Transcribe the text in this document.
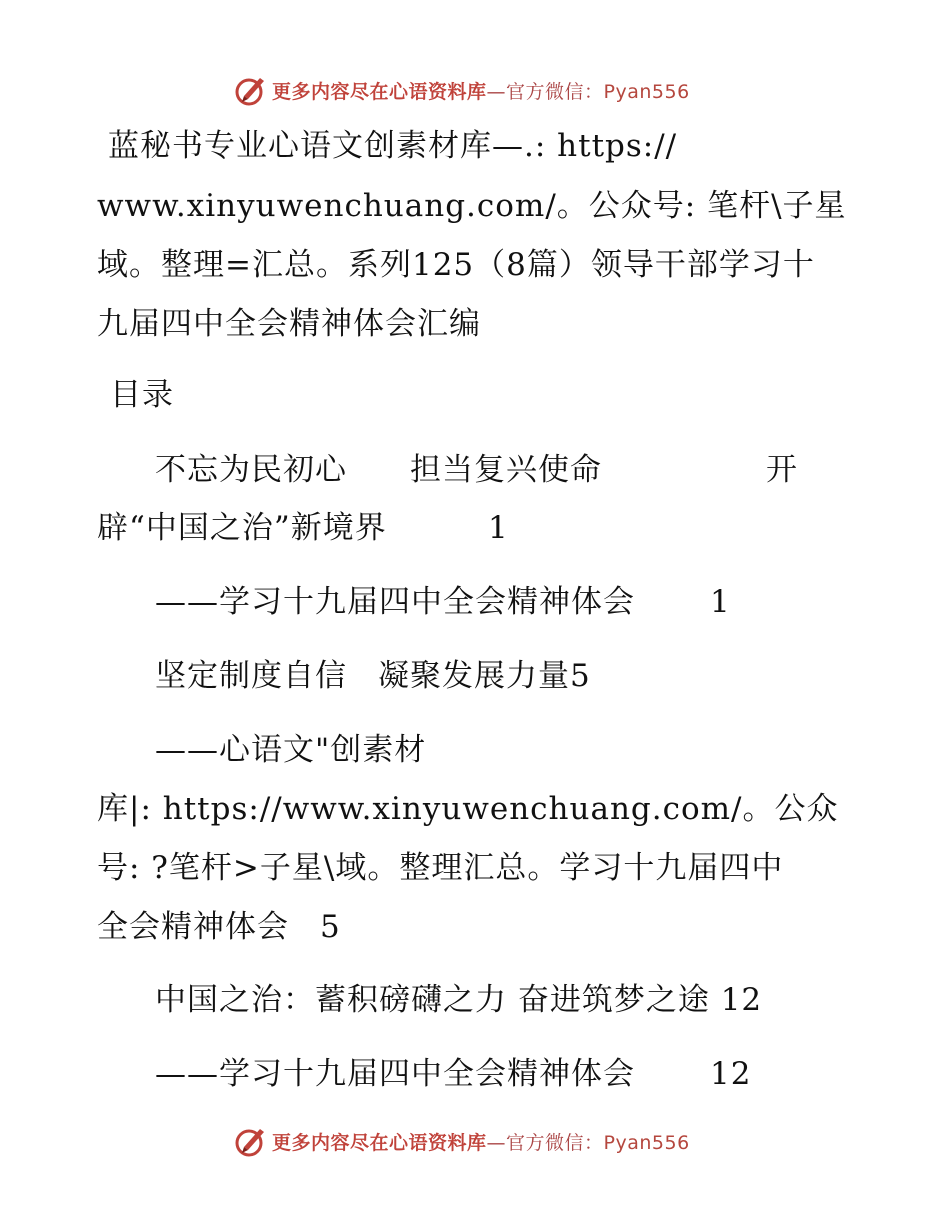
更多内容尽在心语资料库—官方微信：Pyan556
蓝秘书专业心语文创素材库—.: https://
www.xinyuwenchuang.com/。公众号: 笔杆\子星
域。整理=汇总。系列125（8篇）领导干部学习十
九届四中全会精神体会汇编
目录
不忘为民初心 担当复兴使命	开
辟“中国之治”新境界	1
——学习十九届四中全会精神体会 1
坚定制度自信 凝聚发展力量5
——心语文"创素材
库|: https://www.xinyuwenchuang.com/。公众
号: ?笔杆>子星\域。整理汇总。学习十九届四中
全会精神体会 5
中国之治：蓄积磅礴之力 奋进筑梦之途 12
——学习十九届四中全会精神体会 12
更多内容尽在心语资料库—官方微信：Pyan556
